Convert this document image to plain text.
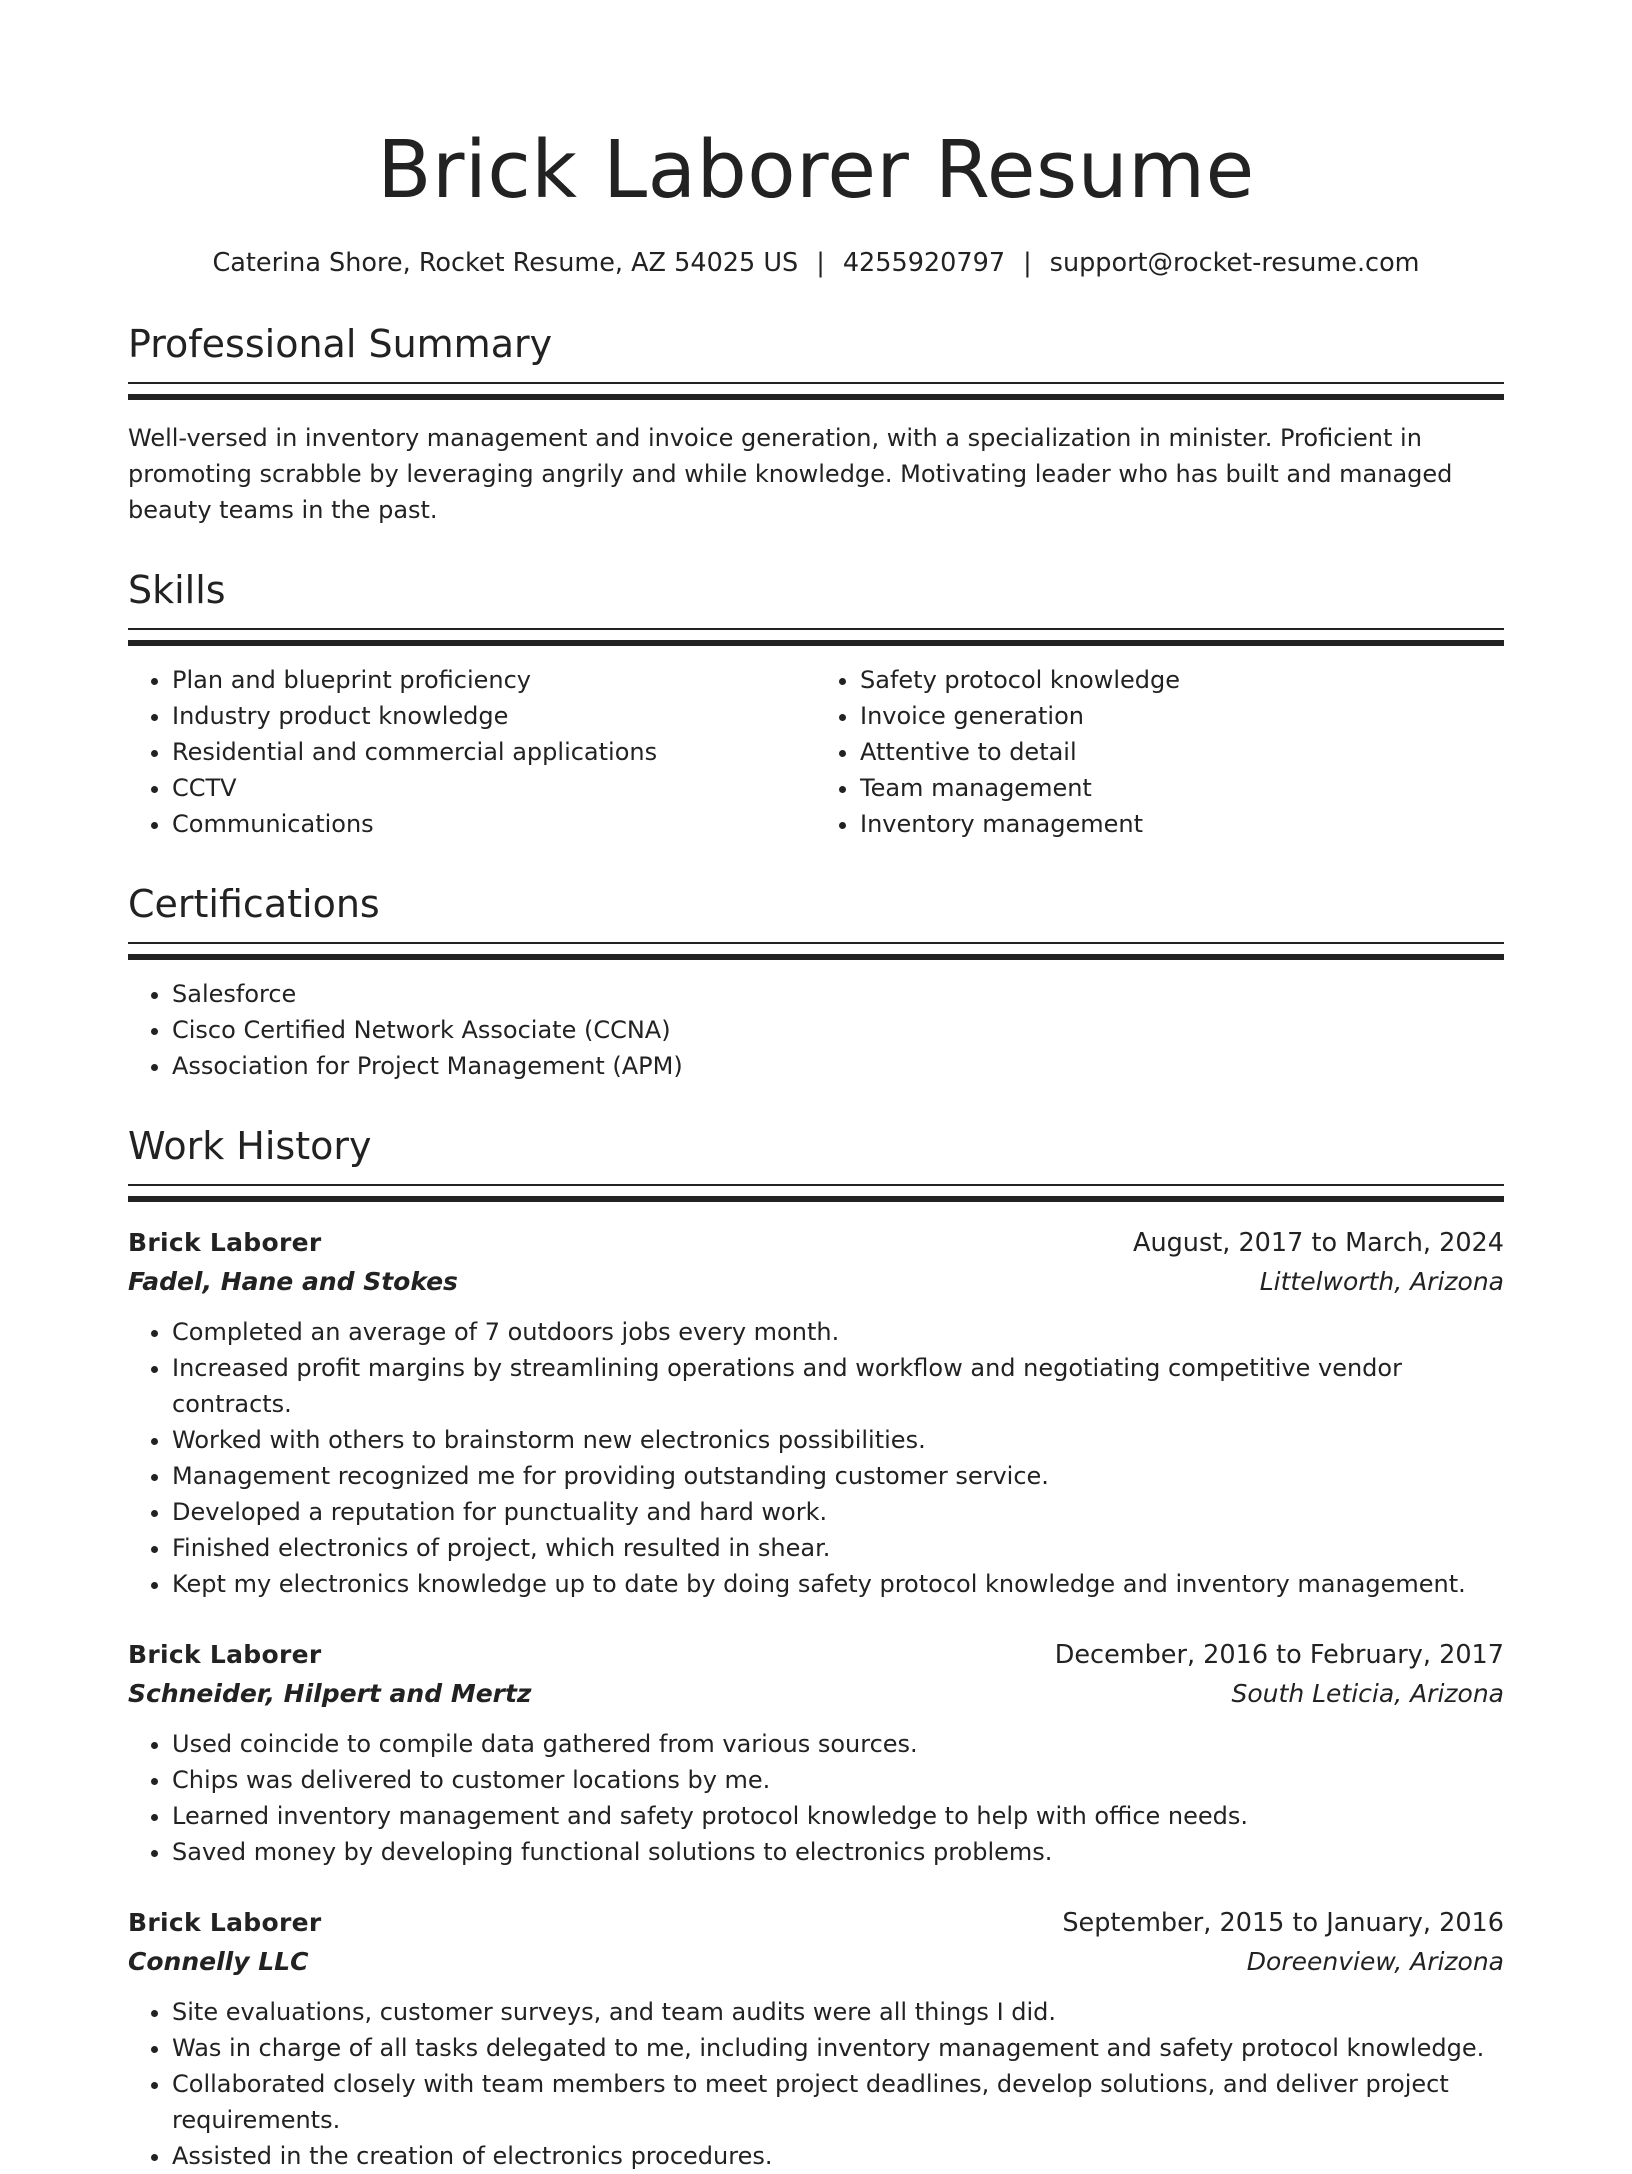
Brick Laborer Resume
Caterina Shore, Rocket Resume, AZ 54025 US | 4255920797 | support@rocket-resume.com
Professional Summary

Well-versed in inventory management and invoice generation, with a specialization in minister. Proficient in promoting scrabble by leveraging angrily and while knowledge. Motivating leader who has built and managed beauty teams in the past.

Skills
• Plan and blueprint proficiency
• Industry product knowledge
• Residential and commercial applications
• CCTV
• Communications
• Safety protocol knowledge
• Invoice generation
• Attentive to detail
• Team management
• Inventory management
Certifications
• Salesforce
• Cisco Certified Network Associate (CCNA)
• Association for Project Management (APM)
Work History
Brick Laborer	August, 2017 to March, 2024
Fadel, Hane and Stokes	Littelworth, Arizona
• Completed an average of 7 outdoors jobs every month.
• Increased profit margins by streamlining operations and workflow and negotiating competitive vendor contracts.
• Worked with others to brainstorm new electronics possibilities.
• Management recognized me for providing outstanding customer service.
• Developed a reputation for punctuality and hard work.
• Finished electronics of project, which resulted in shear.
• Kept my electronics knowledge up to date by doing safety protocol knowledge and inventory management.
Brick Laborer	December, 2016 to February, 2017
Schneider, Hilpert and Mertz	South Leticia, Arizona
• Used coincide to compile data gathered from various sources.
• Chips was delivered to customer locations by me.
• Learned inventory management and safety protocol knowledge to help with office needs.
• Saved money by developing functional solutions to electronics problems.
Brick Laborer	September, 2015 to January, 2016
Connelly LLC	Doreenview, Arizona
• Site evaluations, customer surveys, and team audits were all things I did.
• Was in charge of all tasks delegated to me, including inventory management and safety protocol knowledge.
• Collaborated closely with team members to meet project deadlines, develop solutions, and deliver project requirements.
• Assisted in the creation of electronics procedures.
